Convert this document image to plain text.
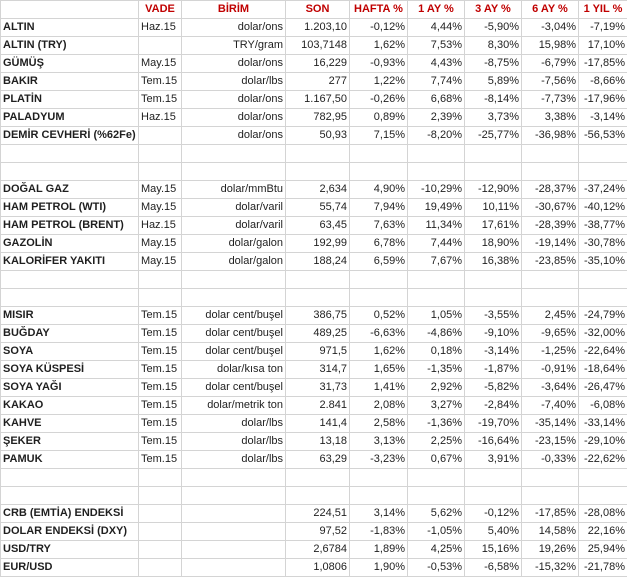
	VADE	BİRİM	SON	HAFTA %	1 AY %	3 AY %	6 AY %	1 YIL %
ALTIN	Haz.15	dolar/ons	1.203,10	-0,12%	4,44%	-5,90%	-3,04%	-7,19%
ALTIN (TRY)		TRY/gram	103,7148	1,62%	7,53%	8,30%	15,98%	17,10%
GÜMÜŞ	May.15	dolar/ons	16,229	-0,93%	4,43%	-8,75%	-6,79%	-17,85%
BAKIR	Tem.15	dolar/lbs	277	1,22%	7,74%	5,89%	-7,56%	-8,66%
PLATİN	Tem.15	dolar/ons	1.167,50	-0,26%	6,68%	-8,14%	-7,73%	-17,96%
PALADYUM	Haz.15	dolar/ons	782,95	0,89%	2,39%	3,73%	3,38%	-3,14%
DEMİR CEVHERİ (%62Fe)		dolar/ons	50,93	7,15%	-8,20%	-25,77%	-36,98%	-56,53%

DOĞAL GAZ	May.15	dolar/mmBtu	2,634	4,90%	-10,29%	-12,90%	-28,37%	-37,24%
HAM PETROL (WTI)	May.15	dolar/varil	55,74	7,94%	19,49%	10,11%	-30,67%	-40,12%
HAM PETROL (BRENT)	Haz.15	dolar/varil	63,45	7,63%	11,34%	17,61%	-28,39%	-38,77%
GAZOLİN	May.15	dolar/galon	192,99	6,78%	7,44%	18,90%	-19,14%	-30,78%
KALORİFER YAKITI	May.15	dolar/galon	188,24	6,59%	7,67%	16,38%	-23,85%	-35,10%

MISIR	Tem.15	dolar cent/buşel	386,75	0,52%	1,05%	-3,55%	2,45%	-24,79%
BUĞDAY	Tem.15	dolar cent/buşel	489,25	-6,63%	-4,86%	-9,10%	-9,65%	-32,00%
SOYA	Tem.15	dolar cent/buşel	971,5	1,62%	0,18%	-3,14%	-1,25%	-22,64%
SOYA KÜSPESİ	Tem.15	dolar/kısa ton	314,7	1,65%	-1,35%	-1,87%	-0,91%	-18,64%
SOYA YAĞI	Tem.15	dolar cent/buşel	31,73	1,41%	2,92%	-5,82%	-3,64%	-26,47%
KAKAO	Tem.15	dolar/metrik ton	2.841	2,08%	3,27%	-2,84%	-7,40%	-6,08%
KAHVE	Tem.15	dolar/lbs	141,4	2,58%	-1,36%	-19,70%	-35,14%	-33,14%
ŞEKER	Tem.15	dolar/lbs	13,18	3,13%	2,25%	-16,64%	-23,15%	-29,10%
PAMUK	Tem.15	dolar/lbs	63,29	-3,23%	0,67%	3,91%	-0,33%	-22,62%

CRB (EMTİA) ENDEKSİ			224,51	3,14%	5,62%	-0,12%	-17,85%	-28,08%
DOLAR ENDEKSİ (DXY)			97,52	-1,83%	-1,05%	5,40%	14,58%	22,16%
USD/TRY			2,6784	1,89%	4,25%	15,16%	19,26%	25,94%
EUR/USD			1,0806	1,90%	-0,53%	-6,58%	-15,32%	-21,78%
